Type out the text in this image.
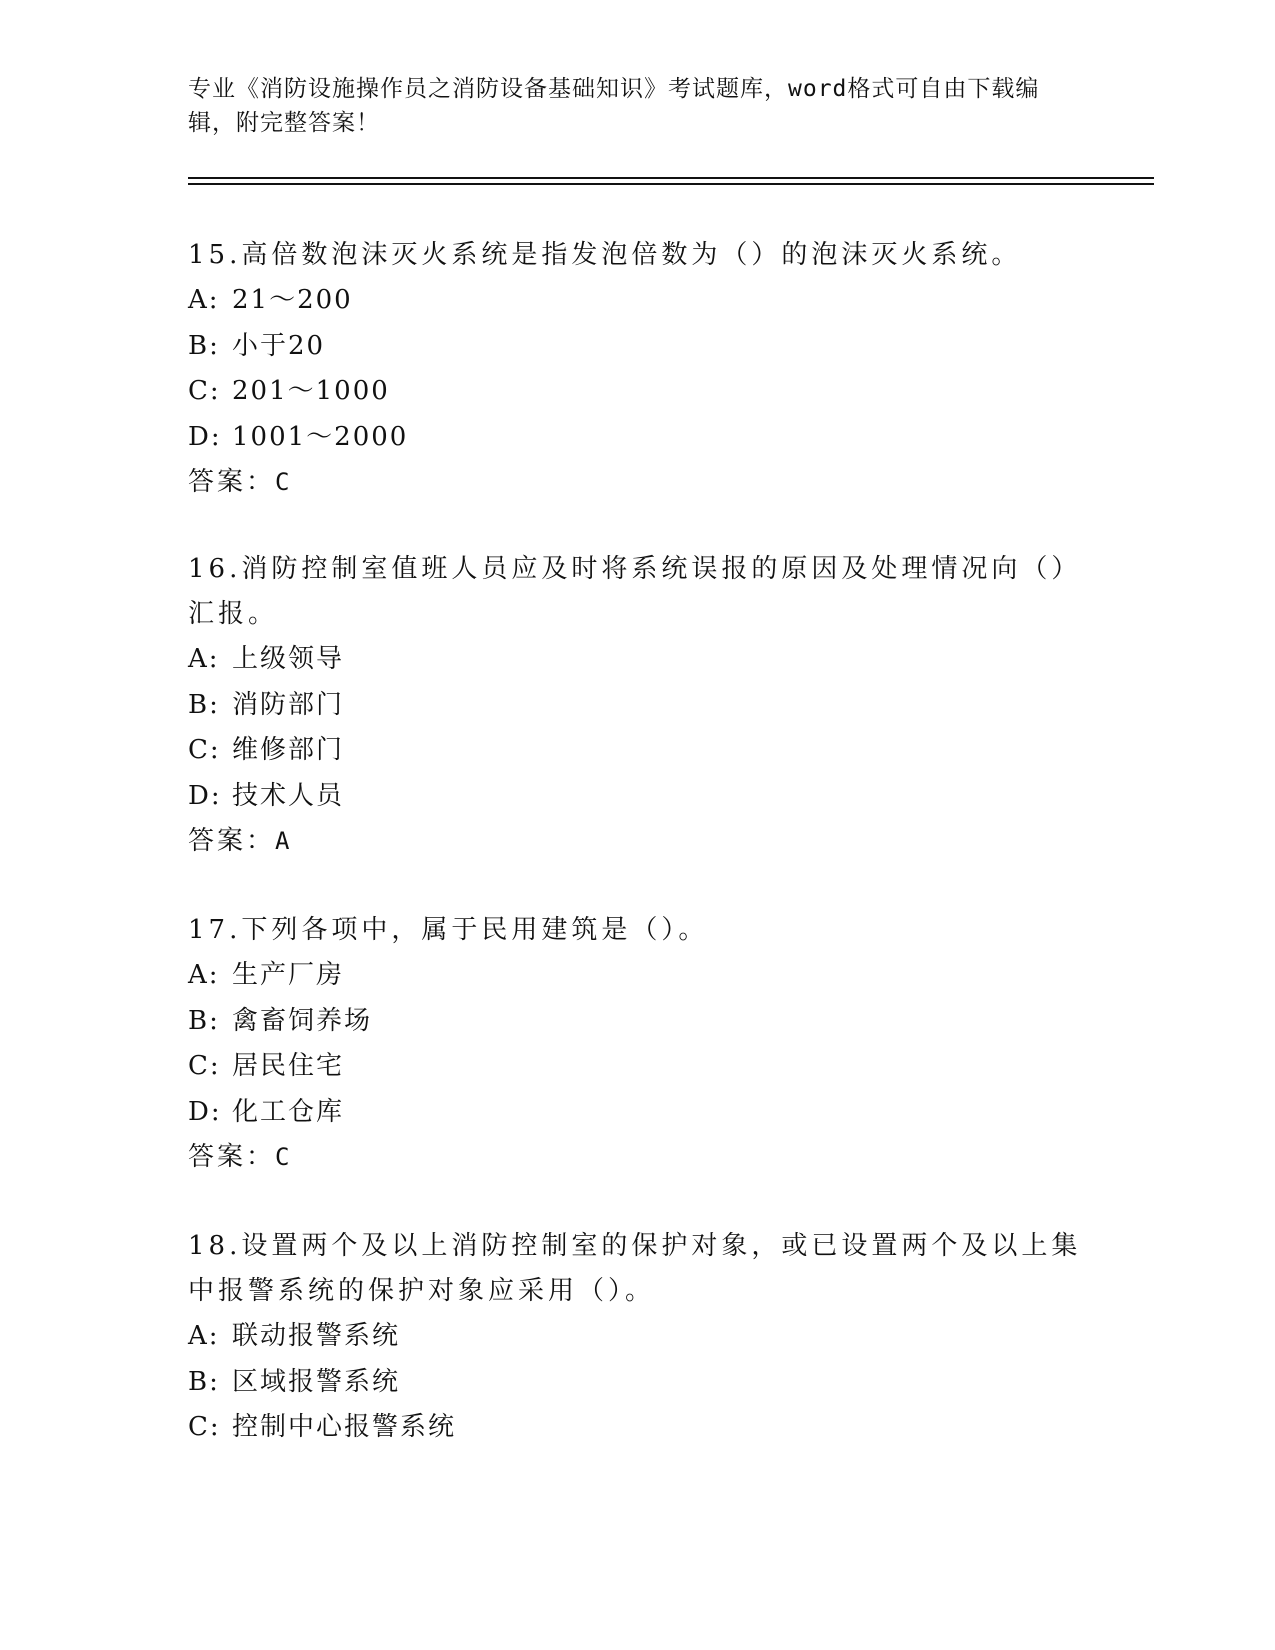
专业《消防设施操作员之消防设备基础知识》考试题库，word格式可自由下载编辑，附完整答案！

15.高倍数泡沫灭火系统是指发泡倍数为（）的泡沫灭火系统。

A: 21～200

B: 小于20

C: 201～1000

D: 1001～2000

答案：C

16.消防控制室值班人员应及时将系统误报的原因及处理情况向（）汇报。

A: 上级领导

B: 消防部门

C: 维修部门

D: 技术人员

答案：A

17.下列各项中，属于民用建筑是（）。

A: 生产厂房

B: 禽畜饲养场

C: 居民住宅

D: 化工仓库

答案：C

18.设置两个及以上消防控制室的保护对象，或已设置两个及以上集中报警系统的保护对象应采用（）。

A: 联动报警系统

B: 区域报警系统

C: 控制中心报警系统
